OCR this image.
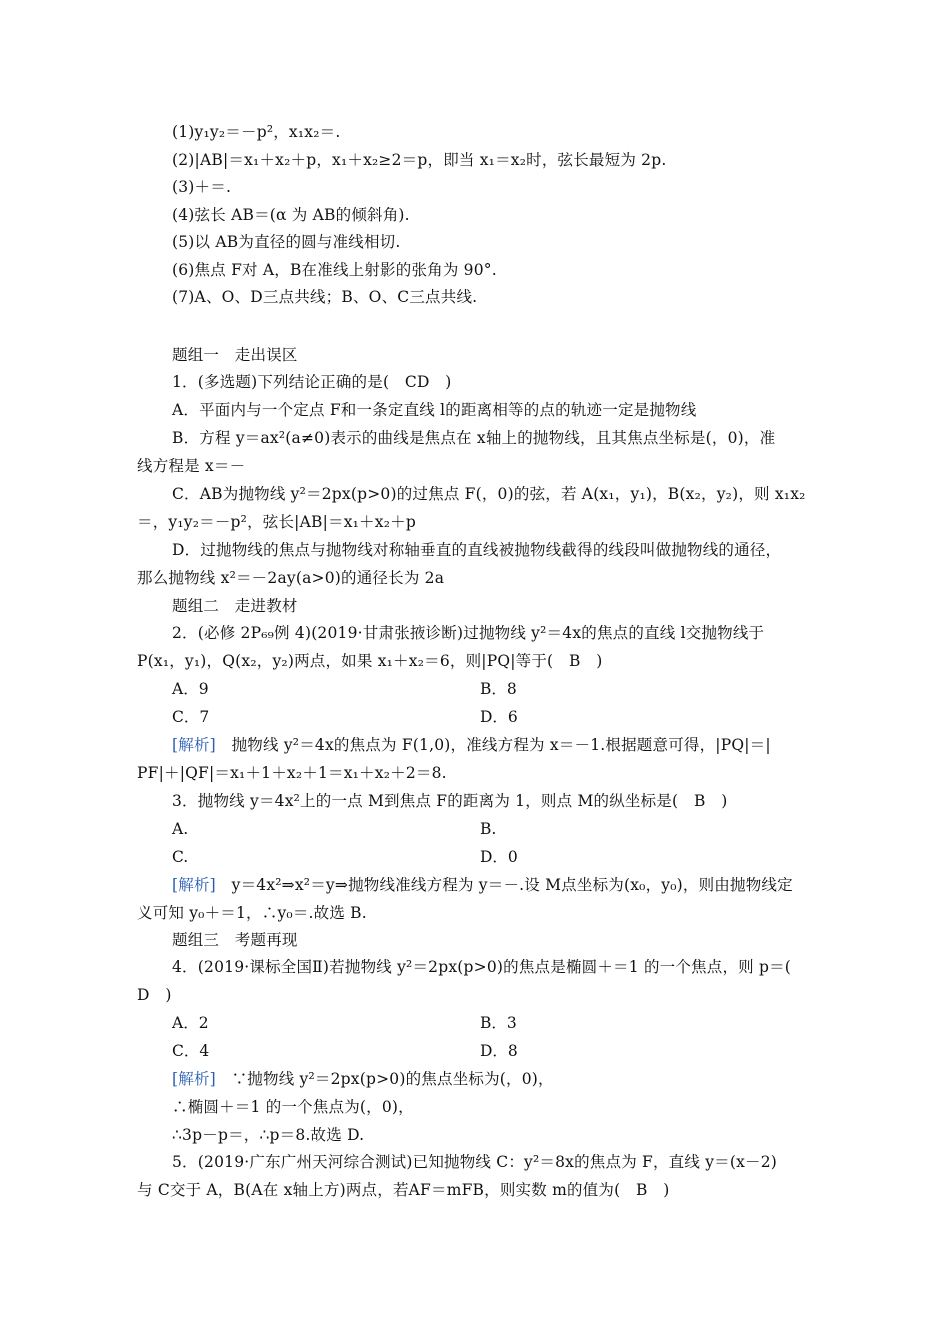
(1)y₁y₂＝－p²，x₁x₂＝.
(2)|AB|＝x₁＋x₂＋p，x₁＋x₂≥2＝p，即当 x₁＝x₂时，弦长最短为 2p.
(3)＋＝.
(4)弦长 AB＝(α 为 AB的倾斜角).
(5)以 AB为直径的圆与准线相切.
(6)焦点 F对 A，B在准线上射影的张角为 90°.
(7)A、O、D三点共线；B、O、C三点共线.
题组一　走出误区
1．(多选题)下列结论正确的是(　CD　)
A．平面内与一个定点 F和一条定直线 l的距离相等的点的轨迹一定是抛物线
B．方程 y＝ax²(a≠0)表示的曲线是焦点在 x轴上的抛物线，且其焦点坐标是(，0)，准
线方程是 x＝－
C．AB为抛物线 y²＝2px(p>0)的过焦点 F(，0)的弦，若 A(x₁，y₁)，B(x₂，y₂)，则 x₁x₂
＝，y₁y₂＝－p²，弦长|AB|＝x₁＋x₂＋p
D．过抛物线的焦点与抛物线对称轴垂直的直线被抛物线截得的线段叫做抛物线的通径，
那么抛物线 x²＝－2ay(a>0)的通径长为 2a
题组二　走进教材
2．(必修 2P₆₉例 4)(2019·甘肃张掖诊断)过抛物线 y²＝4x的焦点的直线 l交抛物线于
P(x₁，y₁)，Q(x₂，y₂)两点，如果 x₁＋x₂＝6，则|PQ|等于(　B　)
A．9	B．8
C．7	D．6
[解析]　抛物线 y²＝4x的焦点为 F(1,0)，准线方程为 x＝－1.根据题意可得，|PQ|＝|
PF|＋|QF|＝x₁＋1＋x₂＋1＝x₁＋x₂＋2＝8.
3．抛物线 y＝4x²上的一点 M到焦点 F的距离为 1，则点 M的纵坐标是(　B　)
A.	B.
C.	D．0
[解析]　y＝4x²⇒x²＝y⇒抛物线准线方程为 y＝－.设 M点坐标为(x₀，y₀)，则由抛物线定
义可知 y₀＋＝1，∴y₀＝.故选 B.
题组三　考题再现
4．(2019·课标全国Ⅱ)若抛物线 y²＝2px(p>0)的焦点是椭圆＋＝1 的一个焦点，则 p＝(
D　)
A．2	B．3
C．4	D．8
[解析]　∵抛物线 y²＝2px(p>0)的焦点坐标为(，0)，
∴椭圆＋＝1 的一个焦点为(，0)，
∴3p－p＝，∴p＝8.故选 D.
5．(2019·广东广州天河综合测试)已知抛物线 C：y²＝8x的焦点为 F，直线 y＝(x－2)
与 C交于 A，B(A在 x轴上方)两点，若AF＝mFB，则实数 m的值为(　B　)
